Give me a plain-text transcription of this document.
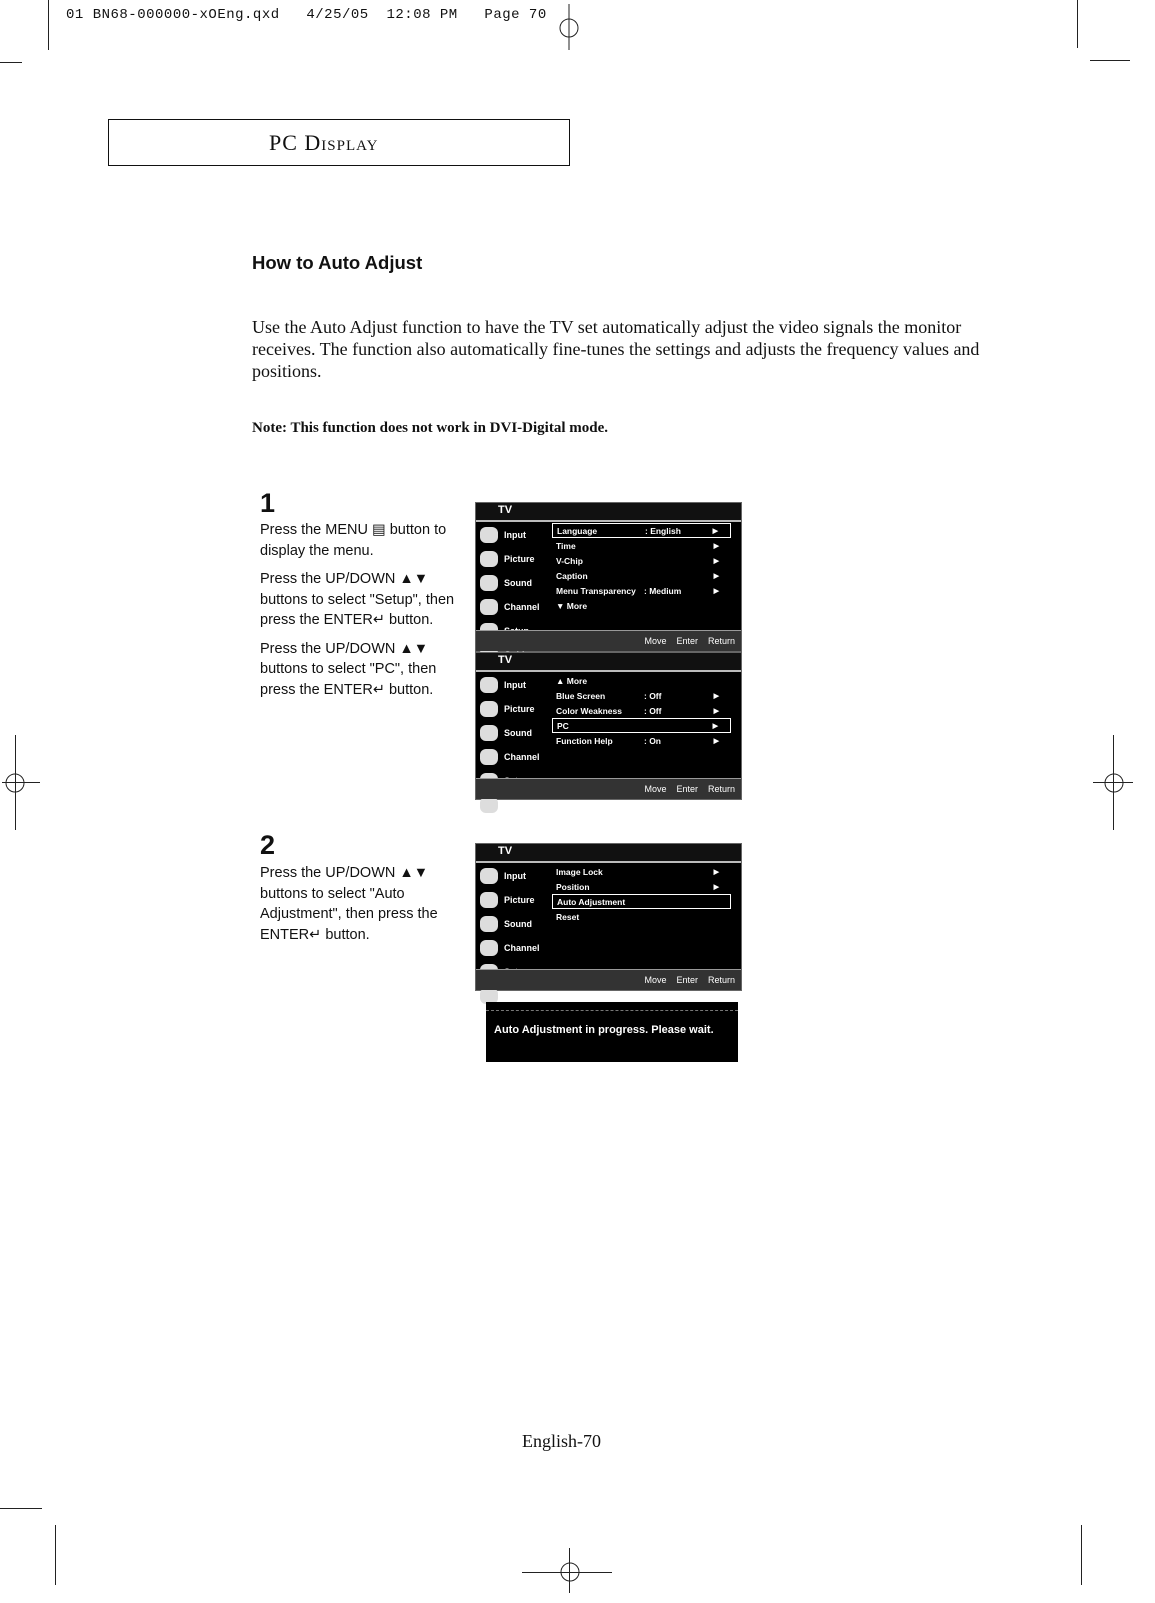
01 BN68-000000-xOEng.qxd 4/25/05 12:08 PM Page 70
PC Display
How to Auto Adjust
Use the Auto Adjust function to have the TV set automatically adjust the video signals the monitor receives. The function also automatically fine-tunes the settings and adjusts the frequency values and positions.
Note: This function does not work in DVI-Digital mode.
1

Press the MENU ▤ button to display the menu.

Press the UP/DOWN ▲▼ buttons to select "Setup", then press the ENTER↵ button.

Press the UP/DOWN ▲▼ buttons to select "PC", then press the ENTER↵ button.

2

Press the UP/DOWN ▲▼ buttons to select "Auto Adjustment", then press the ENTER↵ button.

TV
Input
Picture
Sound
Channel
Language	: English	▶
Time	▶
V-Chip	▶
Caption	▶
Menu Transparency : Medium	▶
▼ More
Move Enter Return
TV
Input
Picture
Sound
Channel
Guide
▲ More
Blue Screen	: Off	▶
Color Weakness	: Off	▶
PC	▶
Function Help	: On	▶
Move Enter Return
TV
Input
Picture
Sound
Channel
Guide
Image Lock	▶
Position	▶
Auto Adjustment
Reset
Move Enter Return
Auto Adjustment in progress. Please wait.
English-70
